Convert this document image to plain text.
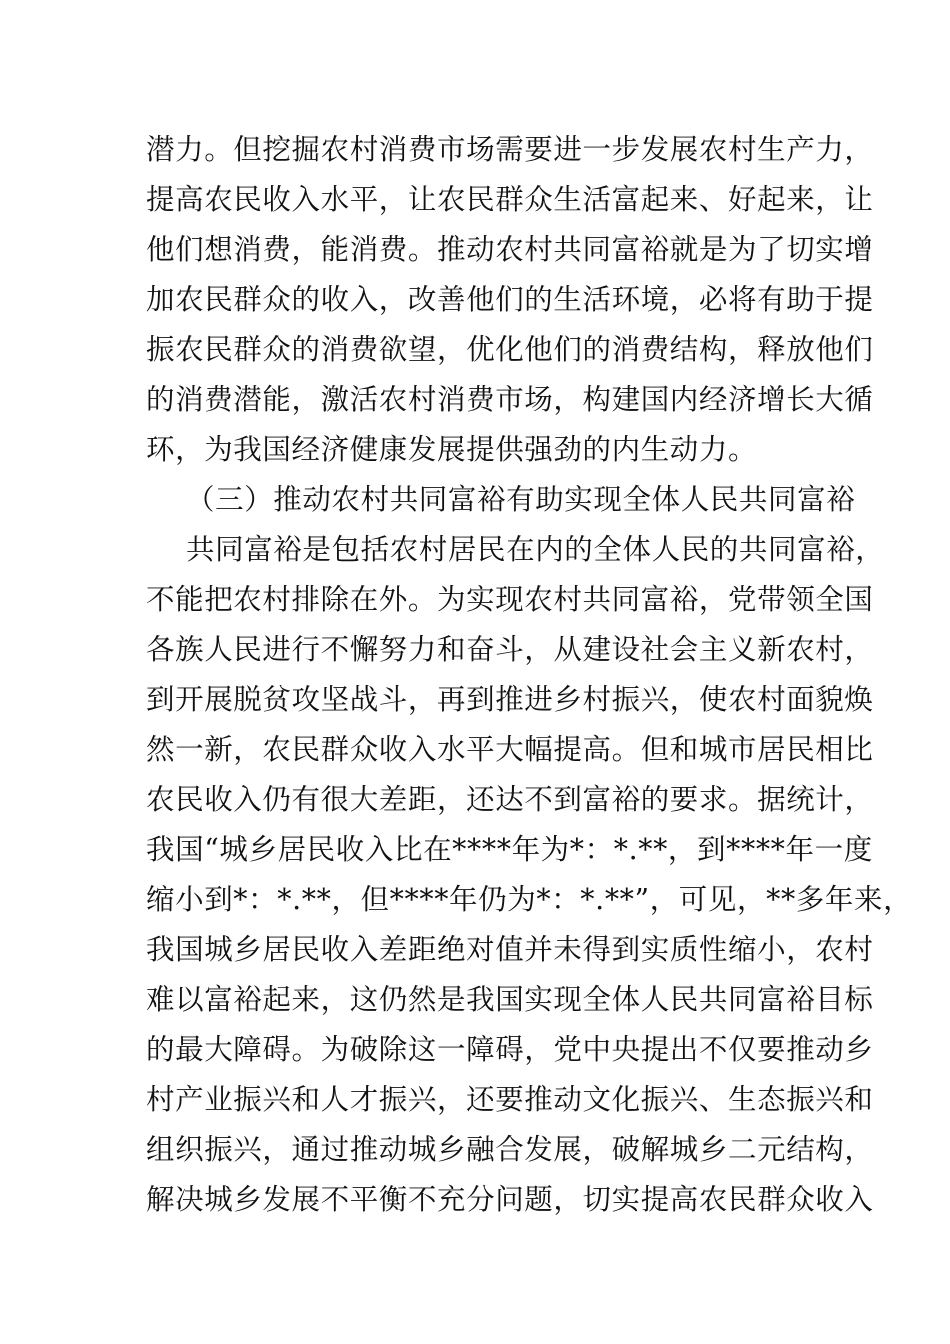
潜力。但挖掘农村消费市场需要进一步发展农村生产力，
提高农民收入水平，让农民群众生活富起来、好起来，让
他们想消费，能消费。推动农村共同富裕就是为了切实增
加农民群众的收入，改善他们的生活环境，必将有助于提
振农民群众的消费欲望，优化他们的消费结构，释放他们
的消费潜能，激活农村消费市场，构建国内经济增长大循
环，为我国经济健康发展提供强劲的内生动力。
（三）推动农村共同富裕有助实现全体人民共同富裕
共同富裕是包括农村居民在内的全体人民的共同富裕，
不能把农村排除在外。为实现农村共同富裕，党带领全国
各族人民进行不懈努力和奋斗，从建设社会主义新农村，
到开展脱贫攻坚战斗，再到推进乡村振兴，使农村面貌焕
然一新，农民群众收入水平大幅提高。但和城市居民相比
农民收入仍有很大差距，还达不到富裕的要求。据统计，
我国“城乡居民收入比在****年为*：*.**，到****年一度
缩小到*：*.**，但****年仍为*：*.**”，可见，**多年来，
我国城乡居民收入差距绝对值并未得到实质性缩小，农村
难以富裕起来，这仍然是我国实现全体人民共同富裕目标
的最大障碍。为破除这一障碍，党中央提出不仅要推动乡
村产业振兴和人才振兴，还要推动文化振兴、生态振兴和
组织振兴，通过推动城乡融合发展，破解城乡二元结构，
解决城乡发展不平衡不充分问题，切实提高农民群众收入
